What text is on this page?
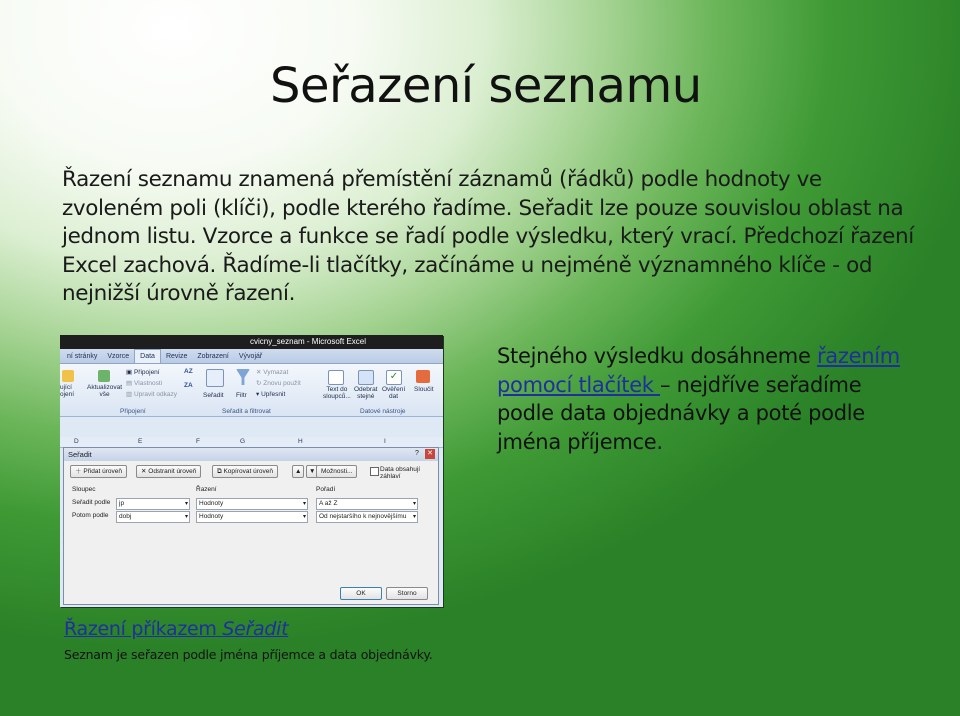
Seřazení seznamu

Řazení seznamu znamená přemístění záznamů (řádků) podle hodnoty ve zvoleném poli (klíči), podle kterého řadíme. Seřadit lze pouze souvislou oblast na jednom listu. Vzorce a funkce se řadí podle výsledku, který vrací. Předchozí řazení Excel zachová. Řadíme-li tlačítky, začínáme u nejméně významného klíče - od nejnižší úrovně řazení.

cvicny_seznam - Microsoft Excel
ní stránky	Vzorce	Data	Revize	Zobrazení	Vývojář
ující
ojení
Aktualizovat
vše
▣ Připojení
▤ Vlastnosti
▥ Upravit odkazy
Připojení
AZ
ZA
Seřadit Filtr
✕ Vymazat
↻ Znovu použít
▾ Upřesnit
Seřadit a filtrovat
Text do
sloupců...
Odebrat
stejné
✓
Ověření
dat
Sloučit
Datové nástroje
D	E	F	G	H	I
Seřadit	?	✕
＋ Přidat úroveň	✕ Odstranit úroveň	⧉ Kopírovat úroveň	▲	▼ Možnosti...	Data obsahují záhlaví
Sloupec	Řazení	Pořadí
Seřadit podle	jp ▾	Hodnoty ▾	A až Z ▾
Potom podle	dobj ▾	Hodnoty ▾	Od nejstaršího k nejnovějšímu ▾
OK	Storno
Stejného výsledku dosáhneme řazením pomocí tlačítek – nejdříve seřadíme podle data objednávky a poté podle jména příjemce.
Řazení příkazem Seřadit
Seznam je seřazen podle jména příjemce a data objednávky.
